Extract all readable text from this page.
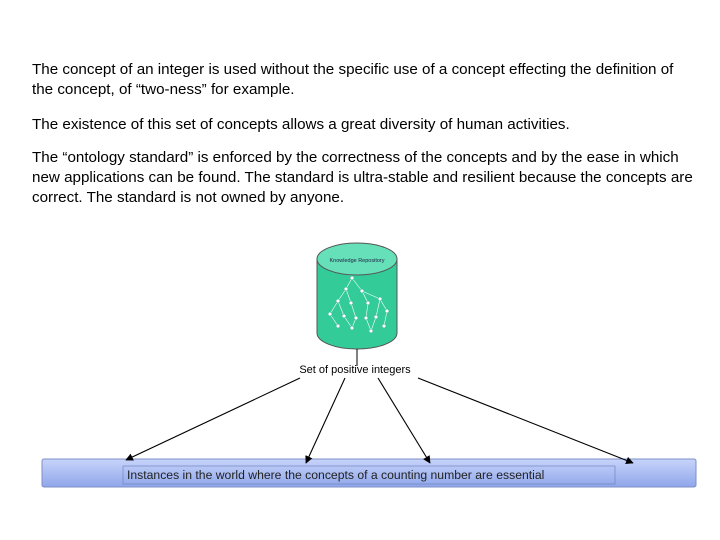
The concept of an integer is used without the specific use of a concept effecting the definition of the concept, of “two-ness” for example.

The existence of this set of concepts allows a great diversity of human activities.

The “ontology standard” is enforced by the correctness of the concepts and by the ease in which new applications can be found. The standard is ultra-stable and resilient because the concepts are correct. The standard is not owned by anyone.

Instances in the world where the concepts of a counting number are essential
Knowledge Repository
Set of positive integers
